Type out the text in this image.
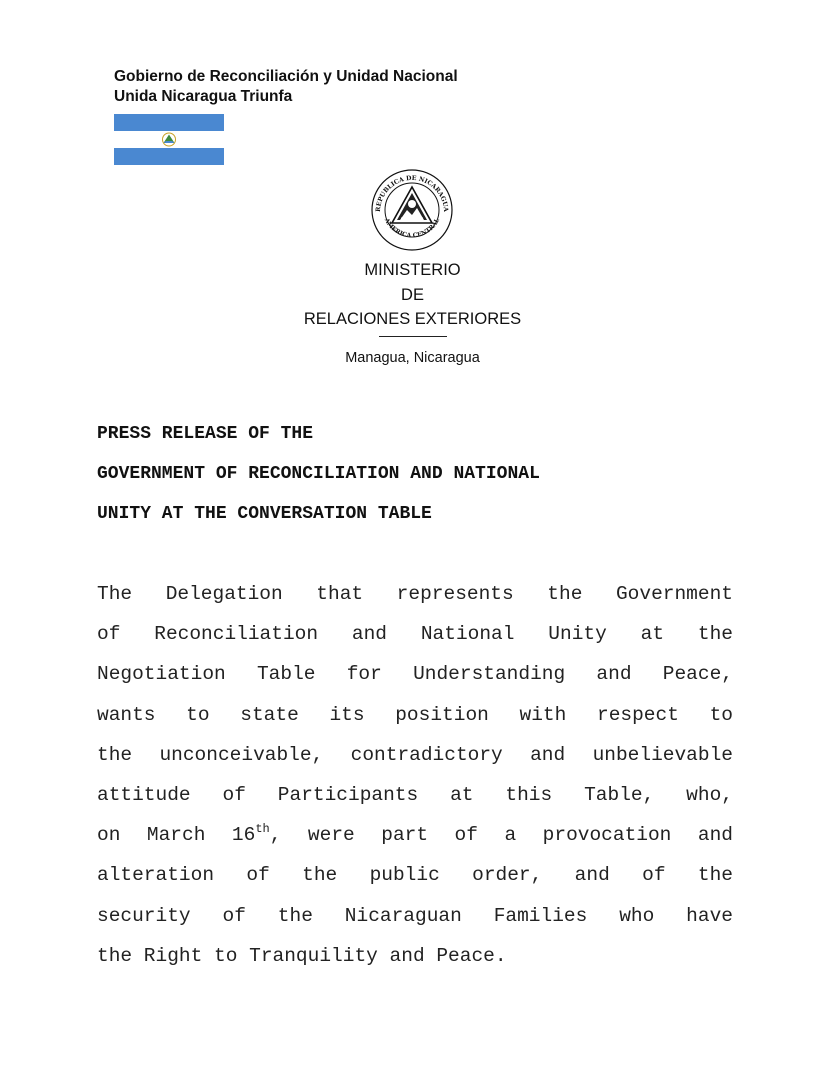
Gobierno de Reconciliación y Unidad Nacional
Unida Nicaragua Triunfa
REPUBLICA DE NICARAGUA
AMERICA CENTRAL
MINISTERIO
DE
RELACIONES EXTERIORES
Managua, Nicaragua
PRESS RELEASE OF THE
GOVERNMENT OF RECONCILIATION AND NATIONAL
UNITY AT THE CONVERSATION TABLE
The Delegation that represents the Government
of Reconciliation and National Unity at the
Negotiation Table for Understanding and Peace,
wants to state its position with respect to
the unconceivable, contradictory and unbelievable
attitude of Participants at this Table, who,
on March 16th, were part of a provocation and
alteration of the public order, and of the
security of the Nicaraguan Families who have
the Right to Tranquility and Peace.
